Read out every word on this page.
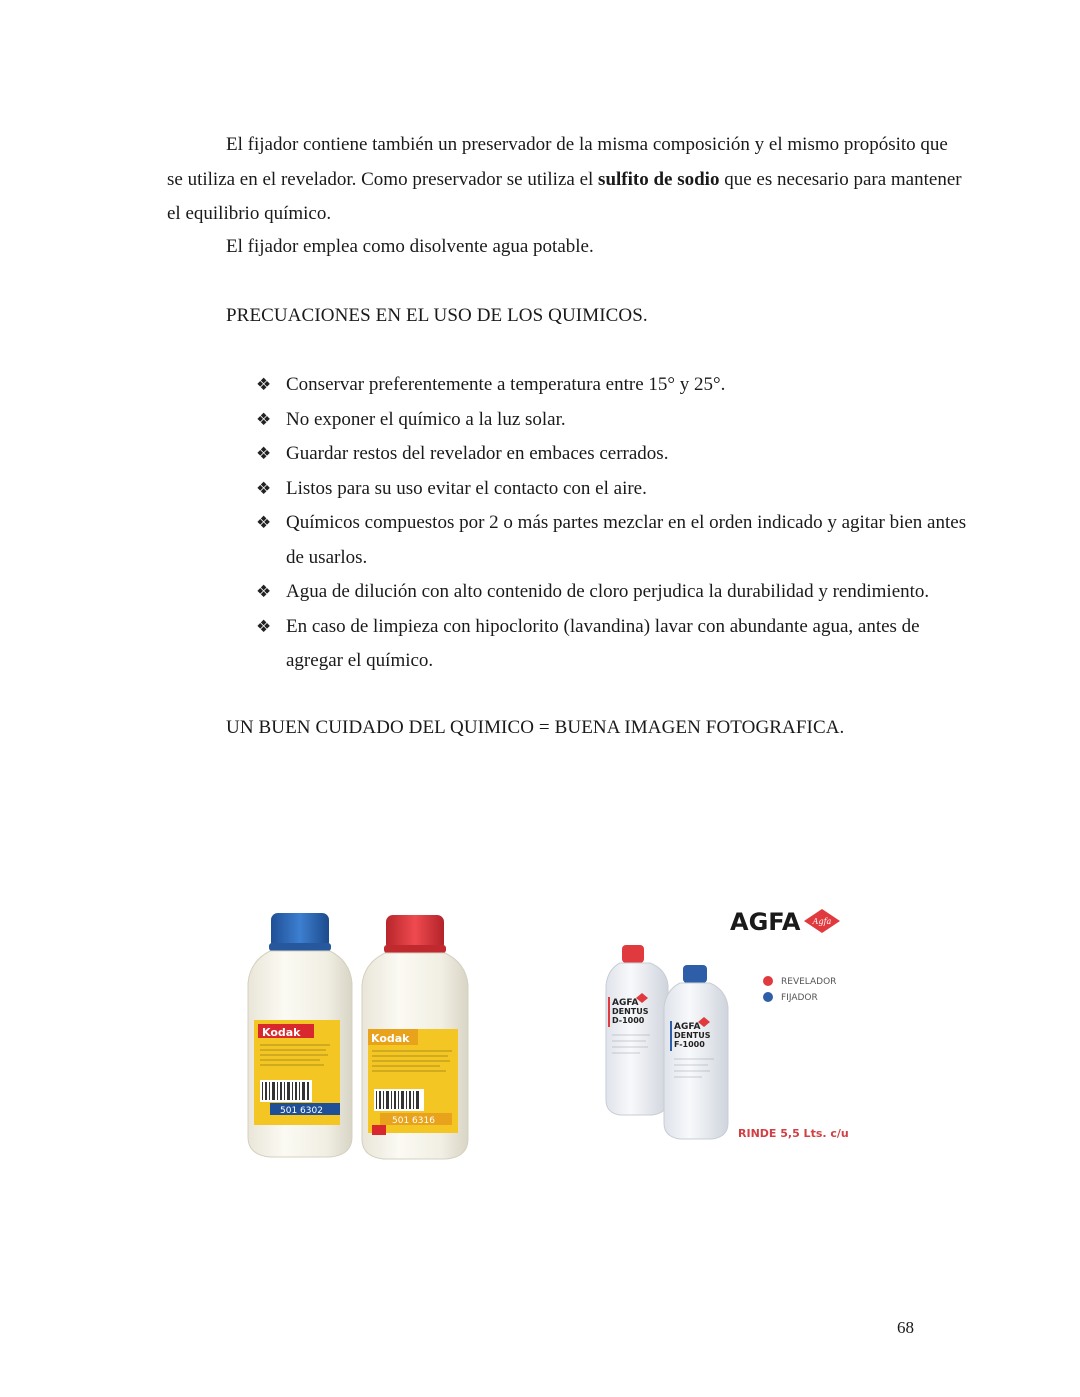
El fijador contiene también un preservador de la misma composición y el mismo propósito que se utiliza en el revelador. Como preservador se utiliza el sulfito de sodio que es necesario para mantener el equilibrio químico.

El fijador emplea como disolvente agua potable.

PRECUACIONES EN EL USO DE LOS QUIMICOS.

❖ Conservar preferentemente a temperatura entre 15° y 25°.
❖ No exponer el químico a la luz solar.
❖ Guardar restos del revelador en embaces cerrados.
❖ Listos para su uso evitar el contacto con el aire.
❖ Químicos compuestos por 2 o más partes mezclar en el orden indicado y agitar bien antes de usarlos.
❖ Agua de dilución con alto contenido de cloro perjudica la durabilidad y rendimiento.
❖ En caso de limpieza con hipoclorito (lavandina) lavar con abundante agua, antes de agregar el químico.

UN BUEN CUIDADO DEL QUIMICO = BUENA IMAGEN FOTOGRAFICA.

Kodak
501 6302
Kodak
501 6316
AGFA Agfa
REVELADOR
FIJADOR
AGFA
DENTUS
D-1000
AGFA
DENTUS
F-1000
RINDE 5,5 Lts. c/u
68
